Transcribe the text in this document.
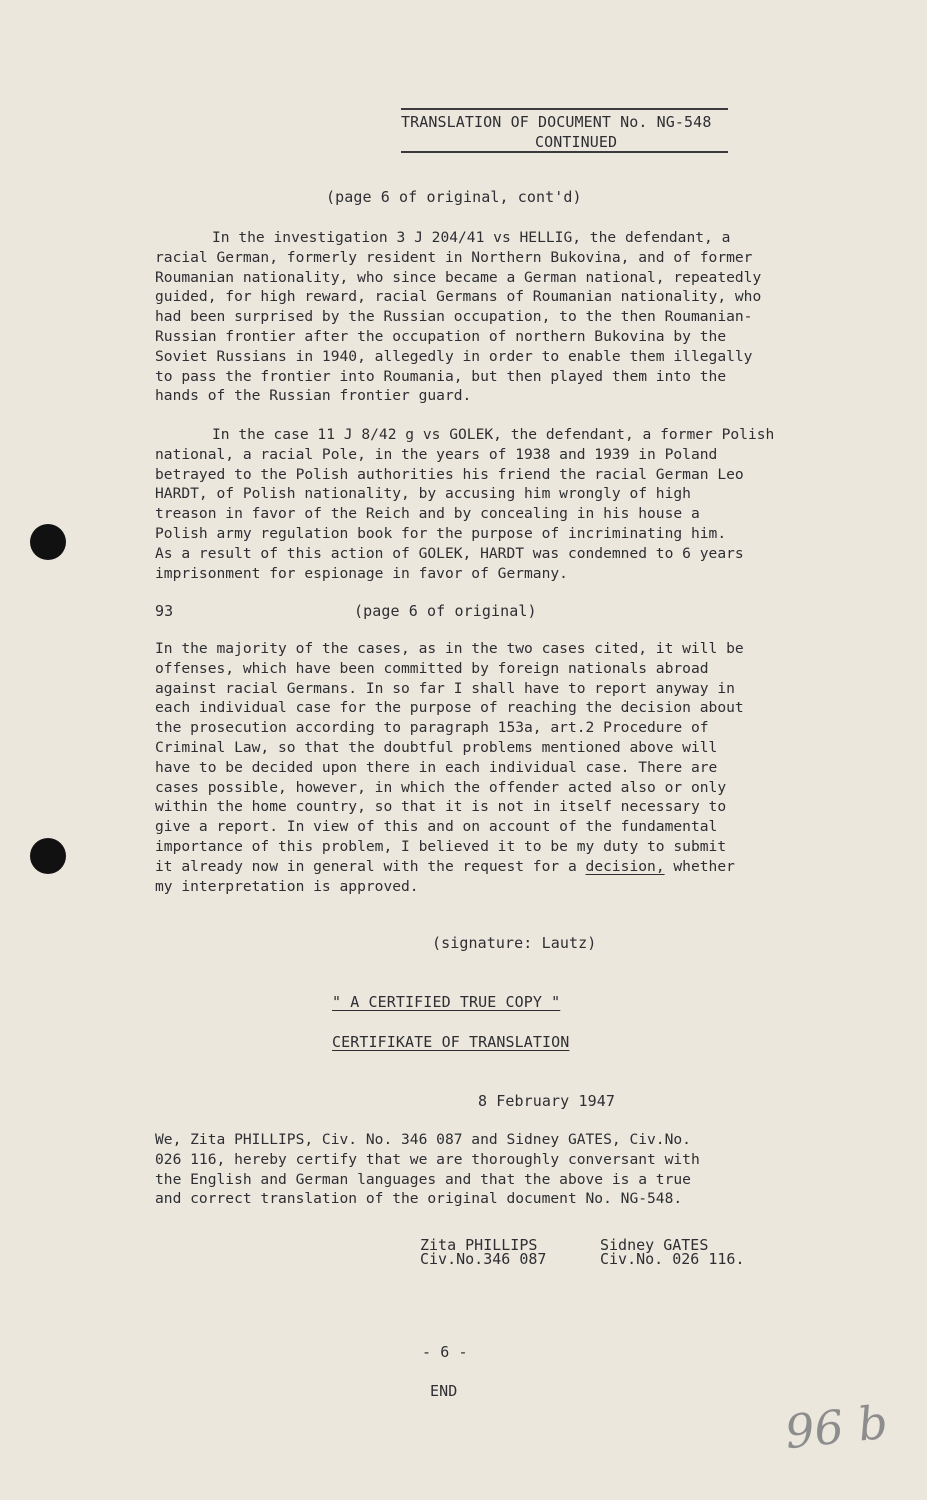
TRANSLATION OF DOCUMENT No. NG-548
CONTINUED
(page 6 of original, cont'd)
In the investigation 3 J 204/41 vs HELLIG, the defendant, a
racial German, formerly resident in Northern Bukovina, and of former
Roumanian nationality, who since became a German national, repeatedly
guided, for high reward, racial Germans of Roumanian nationality, who
had been surprised by the Russian occupation, to the then Roumanian-
Russian frontier after the occupation of northern Bukovina by the
Soviet Russians in 1940, allegedly in order to enable them illegally
to pass the frontier into Roumania, but then played them into the
hands of the Russian frontier guard.
In the case 11 J 8/42 g vs GOLEK, the defendant, a former Polish
national, a racial Pole, in the years of 1938 and 1939 in Poland
betrayed to the Polish authorities his friend the racial German Leo
HARDT, of Polish nationality, by accusing him wrongly of high
treason in favor of the Reich and by concealing in his house a
Polish army regulation book for the purpose of incriminating him.
As a result of this action of GOLEK, HARDT was condemned to 6 years
imprisonment for espionage in favor of Germany.
93	(page 6 of original)
In the majority of the cases, as in the two cases cited, it will be
offenses, which have been committed by foreign nationals abroad
against racial Germans. In so far I shall have to report anyway in
each individual case for the purpose of reaching the decision about
the prosecution according to paragraph 153a, art.2 Procedure of
Criminal Law, so that the doubtful problems mentioned above will
have to be decided upon there in each individual case. There are
cases possible, however, in which the offender acted also or only
within the home country, so that it is not in itself necessary to
give a report. In view of this and on account of the fundamental
importance of this problem, I believed it to be my duty to submit
it already now in general with the request for a decision, whether
my interpretation is approved.
(signature: Lautz)
" A CERTIFIED TRUE COPY "
CERTIFIKATE OF TRANSLATION
8 February 1947
We, Zita PHILLIPS, Civ. No. 346 087 and Sidney GATES, Civ.No.
026 116, hereby certify that we are thoroughly conversant with
the English and German languages and that the above is a true
and correct translation of the original document No. NG-548.
Zita PHILLIPS
Civ.No.346 087
Sidney GATES
Civ.No. 026 116.
- 6 -
END
96 b
